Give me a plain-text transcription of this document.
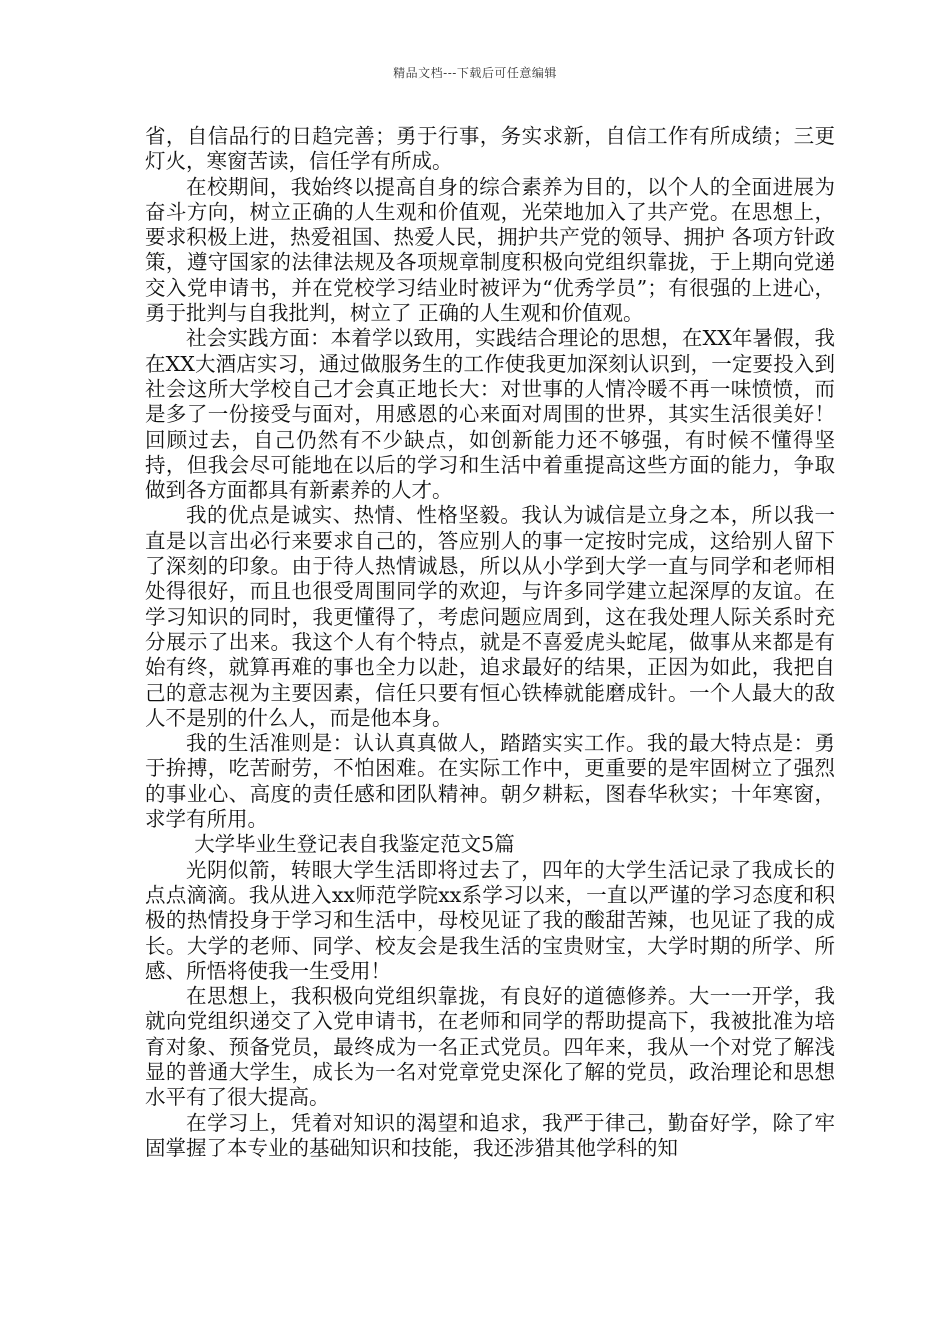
精品文档---下载后可任意编辑

省，自信品行的日趋完善；勇于行事，务实求新，自信工作有所成绩；三更灯火，寒窗苦读，信任学有所成。

在校期间，我始终以提高自身的综合素养为目的，以个人的全面进展为奋斗方向，树立正确的人生观和价值观，光荣地加入了共产党。在思想上，要求积极上进，热爱祖国、热爱人民，拥护共产党的领导、拥护 各项方针政策，遵守国家的法律法规及各项规章制度积极向党组织靠拢，于上期向党递交入党申请书，并在党校学习结业时被评为“优秀学员”；有很强的上进心，勇于批判与自我批判，树立了 正确的人生观和价值观。

社会实践方面：本着学以致用，实践结合理论的思想，在XX年暑假，我在XX大酒店实习，通过做服务生的工作使我更加深刻认识到，一定要投入到社会这所大学校自己才会真正地长大：对世事的人情冷暖不再一味愤愤，而是多了一份接受与面对，用感恩的心来面对周围的世界，其实生活很美好！回顾过去，自己仍然有不少缺点，如创新能力还不够强，有时候不懂得坚持，但我会尽可能地在以后的学习和生活中着重提高这些方面的能力，争取做到各方面都具有新素养的人才。

我的优点是诚实、热情、性格坚毅。我认为诚信是立身之本，所以我一直是以言出必行来要求自己的，答应别人的事一定按时完成，这给别人留下了深刻的印象。由于待人热情诚恳，所以从小学到大学一直与同学和老师相处得很好，而且也很受周围同学的欢迎，与许多同学建立起深厚的友谊。在学习知识的同时，我更懂得了，考虑问题应周到，这在我处理人际关系时充分展示了出来。我这个人有个特点，就是不喜爱虎头蛇尾，做事从来都是有始有终，就算再难的事也全力以赴，追求最好的结果，正因为如此，我把自己的意志视为主要因素，信任只要有恒心铁棒就能磨成针。一个人最大的敌人不是别的什么人，而是他本身。

我的生活准则是：认认真真做人，踏踏实实工作。我的最大特点是：勇于拚搏，吃苦耐劳，不怕困难。在实际工作中，更重要的是牢固树立了强烈的事业心、高度的责任感和团队精神。朝夕耕耘，图春华秋实；十年寒窗，求学有所用。

大学毕业生登记表自我鉴定范文5篇

光阴似箭，转眼大学生活即将过去了，四年的大学生活记录了我成长的点点滴滴。我从进入xx师范学院xx系学习以来，一直以严谨的学习态度和积极的热情投身于学习和生活中，母校见证了我的酸甜苦辣，也见证了我的成长。大学的老师、同学、校友会是我生活的宝贵财宝，大学时期的所学、所感、所悟将使我一生受用！

在思想上，我积极向党组织靠拢，有良好的道德修养。大一一开学，我就向党组织递交了入党申请书，在老师和同学的帮助提高下，我被批准为培育对象、预备党员，最终成为一名正式党员。四年来，我从一个对党了解浅显的普通大学生，成长为一名对党章党史深化了解的党员，政治理论和思想水平有了很大提高。

在学习上，凭着对知识的渴望和追求，我严于律己，勤奋好学，除了牢固掌握了本专业的基础知识和技能，我还涉猎其他学科的知
